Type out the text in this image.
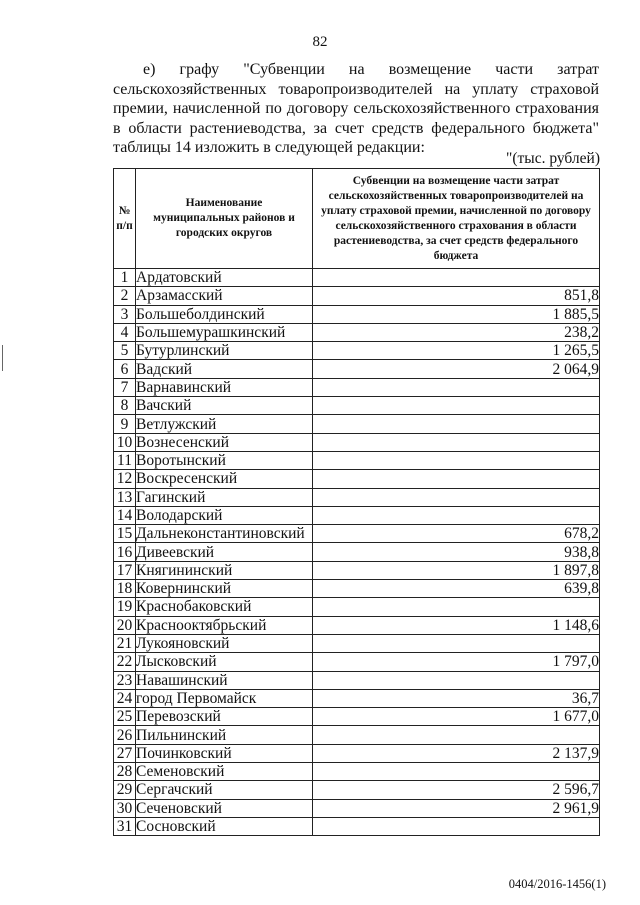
82

е) графу "Субвенции на возмещение части затрат сельскохозяйственных товаропроизводителей на уплату страховой премии, начисленной по договору сельскохозяйственного страхования в области растениеводства, за счет средств федерального бюджета" таблицы 14 изложить в следующей редакции:

"(тыс. рублей)
№ п/п	Наименование муниципальных районов и городских округов	Субвенции на возмещение части затрат сельскохозяйственных товаропроизводителей на уплату страховой премии, начисленной по договору сельскохозяйственного страхования в области растениеводства, за счет средств федерального бюджета
1	Ардатовский	
2	Арзамасский	851,8
3	Большеболдинский	1 885,5
4	Большемурашкинский	238,2
5	Бутурлинский	1 265,5
6	Вадский	2 064,9
7	Варнавинский	
8	Вачский	
9	Ветлужский	
10	Вознесенский	
11	Воротынский	
12	Воскресенский	
13	Гагинский	
14	Володарский	
15	Дальнеконстантиновский	678,2
16	Дивеевский	938,8
17	Княгининский	1 897,8
18	Ковернинский	639,8
19	Краснобаковский	
20	Краснооктябрьский	1 148,6
21	Лукояновский	
22	Лысковский	1 797,0
23	Навашинский	
24	город Первомайск	36,7
25	Перевозский	1 677,0
26	Пильнинский	
27	Починковский	2 137,9
28	Семеновский	
29	Сергачский	2 596,7
30	Сеченовский	2 961,9
31	Сосновский	
0404/2016-1456(1)
